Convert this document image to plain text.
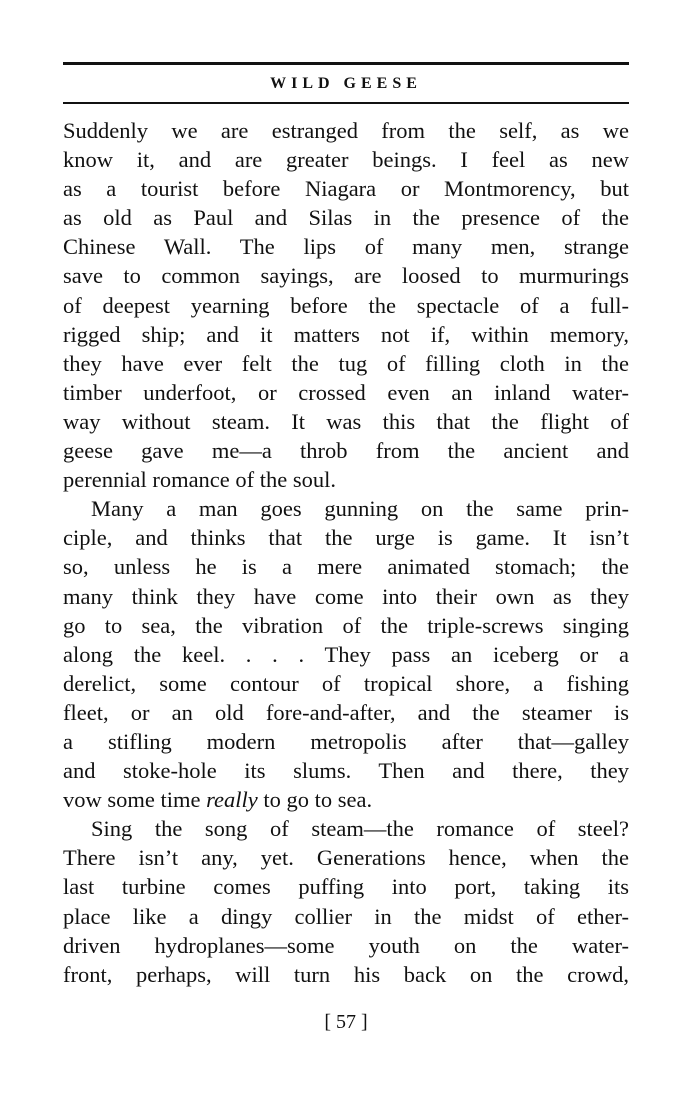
WILD GEESE
Suddenly we are estranged from the self, as we
know it, and are greater beings. I feel as new
as a tourist before Niagara or Montmorency, but
as old as Paul and Silas in the presence of the
Chinese Wall. The lips of many men, strange
save to common sayings, are loosed to murmurings
of deepest yearning before the spectacle of a full-
rigged ship; and it matters not if, within memory,
they have ever felt the tug of filling cloth in the
timber underfoot, or crossed even an inland water-
way without steam. It was this that the flight of
geese gave me—a throb from the ancient and
perennial romance of the soul.
Many a man goes gunning on the same prin-
ciple, and thinks that the urge is game. It isn’t
so, unless he is a mere animated stomach; the
many think they have come into their own as they
go to sea, the vibration of the triple-screws singing
along the keel. . . . They pass an iceberg or a
derelict, some contour of tropical shore, a fishing
fleet, or an old fore-and-after, and the steamer is
a stifling modern metropolis after that—galley
and stoke-hole its slums. Then and there, they
vow some time really to go to sea.
Sing the song of steam—the romance of steel?
There isn’t any, yet. Generations hence, when the
last turbine comes puffing into port, taking its
place like a dingy collier in the midst of ether-
driven hydroplanes—some youth on the water-
front, perhaps, will turn his back on the crowd,
[ 57 ]
